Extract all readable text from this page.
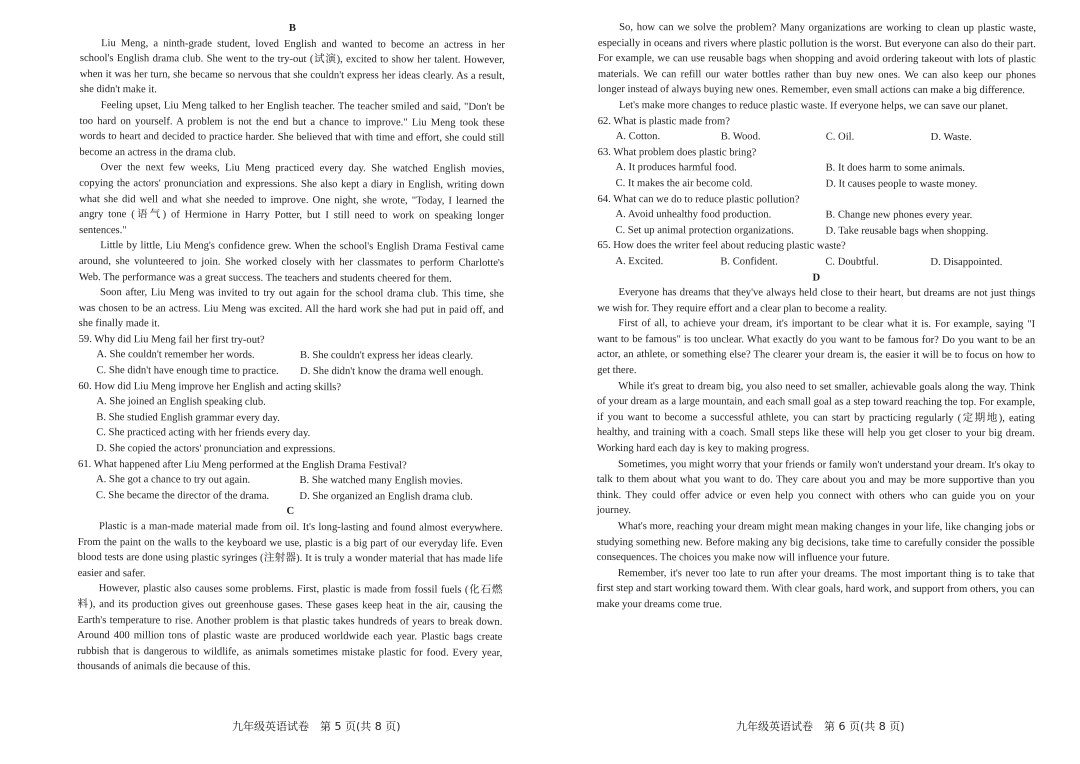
B

Liu Meng, a ninth-grade student, loved English and wanted to become an actress in her school's English drama club. She went to the try-out (试演), excited to show her talent. However, when it was her turn, she became so nervous that she couldn't express her ideas clearly. As a result, she didn't make it.

Feeling upset, Liu Meng talked to her English teacher. The teacher smiled and said, "Don't be too hard on yourself. A problem is not the end but a chance to improve." Liu Meng took these words to heart and decided to practice harder. She believed that with time and effort, she could still become an actress in the drama club.

Over the next few weeks, Liu Meng practiced every day. She watched English movies, copying the actors' pronunciation and expressions. She also kept a diary in English, writing down what she did well and what she needed to improve. One night, she wrote, "Today, I learned the angry tone (语气) of Hermione in Harry Potter, but I still need to work on speaking longer sentences."

Little by little, Liu Meng's confidence grew. When the school's English Drama Festival came around, she volunteered to join. She worked closely with her classmates to perform Charlotte's Web. The performance was a great success. The teachers and students cheered for them.

Soon after, Liu Meng was invited to try out again for the school drama club. This time, she was chosen to be an actress. Liu Meng was excited. All the hard work she had put in paid off, and she finally made it.

59. Why did Liu Meng fail her first try-out?
A. She couldn't remember her words.	B. She couldn't express her ideas clearly.
C. She didn't have enough time to practice.	D. She didn't know the drama well enough.
60. How did Liu Meng improve her English and acting skills?
A. She joined an English speaking club.
B. She studied English grammar every day.
C. She practiced acting with her friends every day.
D. She copied the actors' pronunciation and expressions.
61. What happened after Liu Meng performed at the English Drama Festival?
A. She got a chance to try out again.	B. She watched many English movies.
C. She became the director of the drama.	D. She organized an English drama club.
C

Plastic is a man-made material made from oil. It's long-lasting and found almost everywhere. From the paint on the walls to the keyboard we use, plastic is a big part of our everyday life. Even blood tests are done using plastic syringes (注射器). It is truly a wonder material that has made life easier and safer.

However, plastic also causes some problems. First, plastic is made from fossil fuels (化石燃料), and its production gives out greenhouse gases. These gases keep heat in the air, causing the Earth's temperature to rise. Another problem is that plastic takes hundreds of years to break down. Around 400 million tons of plastic waste are produced worldwide each year. Plastic bags create rubbish that is dangerous to wildlife, as animals sometimes mistake plastic for food. Every year, thousands of animals die because of this.

So, how can we solve the problem? Many organizations are working to clean up plastic waste, especially in oceans and rivers where plastic pollution is the worst. But everyone can also do their part. For example, we can use reusable bags when shopping and avoid ordering takeout with lots of plastic materials. We can refill our water bottles rather than buy new ones. We can also keep our phones longer instead of always buying new ones. Remember, even small actions can make a big difference.

Let's make more changes to reduce plastic waste. If everyone helps, we can save our planet.

62. What is plastic made from?
A. Cotton.	B. Wood.	C. Oil.	D. Waste.
63. What problem does plastic bring?
A. It produces harmful food.	B. It does harm to some animals.
C. It makes the air become cold.	D. It causes people to waste money.
64. What can we do to reduce plastic pollution?
A. Avoid unhealthy food production.	B. Change new phones every year.
C. Set up animal protection organizations.	D. Take reusable bags when shopping.
65. How does the writer feel about reducing plastic waste?
A. Excited.	B. Confident.	C. Doubtful.	D. Disappointed.
D

Everyone has dreams that they've always held close to their heart, but dreams are not just things we wish for. They require effort and a clear plan to become a reality.

First of all, to achieve your dream, it's important to be clear what it is. For example, saying "I want to be famous" is too unclear. What exactly do you want to be famous for? Do you want to be an actor, an athlete, or something else? The clearer your dream is, the easier it will be to focus on how to get there.

While it's great to dream big, you also need to set smaller, achievable goals along the way. Think of your dream as a large mountain, and each small goal as a step toward reaching the top. For example, if you want to become a successful athlete, you can start by practicing regularly (定期地), eating healthy, and training with a coach. Small steps like these will help you get closer to your big dream. Working hard each day is key to making progress.

Sometimes, you might worry that your friends or family won't understand your dream. It's okay to talk to them about what you want to do. They care about you and may be more supportive than you think. They could offer advice or even help you connect with others who can guide you on your journey.

What's more, reaching your dream might mean making changes in your life, like changing jobs or studying something new. Before making any big decisions, take time to carefully consider the possible consequences. The choices you make now will influence your future.

Remember, it's never too late to run after your dreams. The most important thing is to take that first step and start working toward them. With clear goals, hard work, and support from others, you can make your dreams come true.

九年级英语试卷　第 5 页(共 8 页)	九年级英语试卷　第 6 页(共 8 页)
